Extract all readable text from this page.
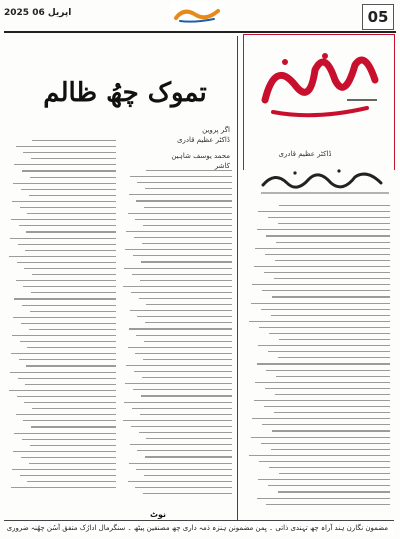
2025 اپریل 06	05
ڈاکٹر عظیم قادری
تموک چھُ ظالم
اگر پروین
ڈاکٹر عظیم قادری
محمد یوسف شاہین
کاشر
نوٹ
مضمون نگارن ہند آراہ چھ تہندی ذاتی ۔ یِمن مضمونن ہنزہ ذمہ داری چھ مصنفین پیٹھ ۔ سنگرمال ادارُک متفق آسُن چھُنہ ضروری
